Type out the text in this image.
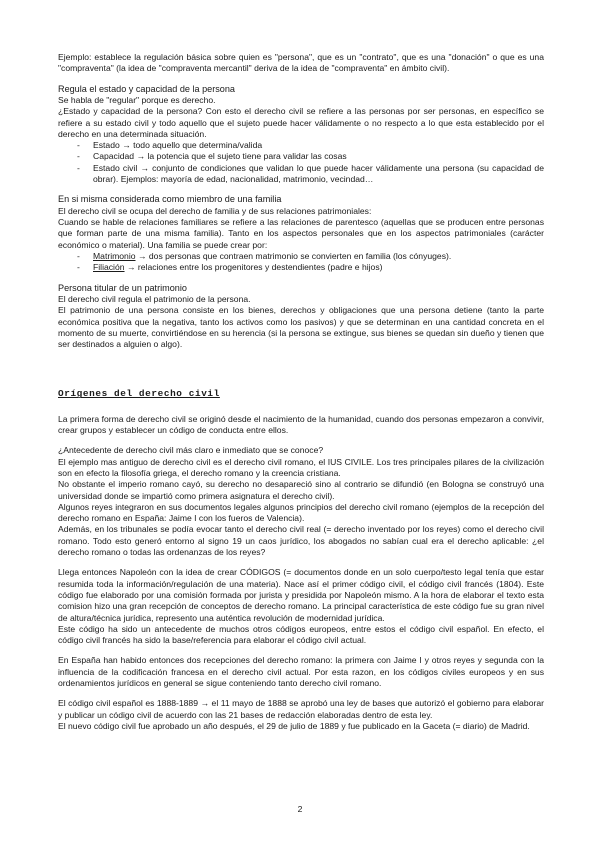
Ejemplo: establece la regulación básica sobre quien es "persona", que es un "contrato", que es una "donación" o que es una "compraventa" (la idea de "compraventa mercantil" deriva de la idea de "compraventa" en ámbito civil).

Regula el estado y capacidad de la persona

Se habla de "regular" porque es derecho.

¿Estado y capacidad de la persona? Con esto el derecho civil se refiere a las personas por ser personas, en específico se refiere a su estado civil y todo aquello que el sujeto puede hacer válidamente o no respecto a lo que esta establecido por el derecho en una determinada situación.

- Estado → todo aquello que determina/valida
- Capacidad → la potencia que el sujeto tiene para validar las cosas
- Estado civil → conjunto de condiciones que validan lo que puede hacer válidamente una persona (su capacidad de obrar). Ejemplos: mayoría de edad, nacionalidad, matrimonio, vecindad…

En si misma considerada como miembro de una familia

El derecho civil se ocupa del derecho de familia y de sus relaciones patrimoniales:

Cuando se hable de relaciones familiares se refiere a las relaciones de parentesco (aquellas que se producen entre personas que forman parte de una misma familia). Tanto en los aspectos personales que en los aspectos patrimoniales (carácter económico o material). Una familia se puede crear por:

- Matrimonio → dos personas que contraen matrimonio se convierten en familia (los cónyuges).
- Filiación → relaciones entre los progenitores y destendientes (padre e hijos)

Persona titular de un patrimonio

El derecho civil regula el patrimonio de la persona.

El patrimonio de una persona consiste en los bienes, derechos y obligaciones que una persona detiene (tanto la parte económica positiva que la negativa, tanto los activos como los pasivos) y que se determinan en una cantidad concreta en el momento de su muerte, convirtiéndose en su herencia (si la persona se extingue, sus bienes se quedan sin dueño y tienen que ser destinados a alguien o algo).

Orígenes del derecho civil

La primera forma de derecho civil se originó desde el nacimiento de la humanidad, cuando dos personas empezaron a convivir, crear grupos y establecer un código de conducta entre ellos.

¿Antecedente de derecho civil más claro e inmediato que se conoce?

El ejemplo mas antiguo de derecho civil es el derecho civil romano, el IUS CIVILE. Los tres principales pilares de la civilización son en efecto la filosofía griega, el derecho romano y la creencia cristiana.

No obstante el imperio romano cayó, su derecho no desapareció sino al contrario se difundió (en Bologna se construyó una universidad donde se impartió como primera asignatura el derecho civil).

Algunos reyes integraron en sus documentos legales algunos principios del derecho civil romano (ejemplos de la recepción del derecho romano en España: Jaime I con los fueros de Valencia).

Además, en los tribunales se podía evocar tanto el derecho civil real (= derecho inventado por los reyes) como el derecho civil romano. Todo esto generó entorno al signo 19 un caos jurídico, los abogados no sabían cual era el derecho aplicable: ¿el derecho romano o todas las ordenanzas de los reyes?

Llega entonces Napoleón con la idea de crear CÓDIGOS (= documentos donde en un solo cuerpo/testo legal tenía que estar resumida toda la información/regulación de una materia). Nace así el primer código civil, el código civil francés (1804). Este código fue elaborado por una comisión formada por jurista y presidida por Napoleón mismo. A la hora de elaborar el texto esta comision hizo una gran recepción de conceptos de derecho romano. La principal característica de este código fue su gran nivel de altura/técnica jurídica, represento una auténtica revolución de modernidad jurídica.

Este código ha sido un antecedente de muchos otros códigos europeos, entre estos el código civil español. En efecto, el código civil francés ha sido la base/referencia para elaborar el código civil actual.

En España han habido entonces dos recepciones del derecho romano: la primera con Jaime I y otros reyes y segunda con la influencia de la codificación francesa en el derecho civil actual. Por esta razon, en los códigos civiles europeos y en sus ordenamientos jurídicos en general se sigue conteniendo tanto derecho civil romano.

El código civil español es 1888-1889 → el 11 mayo de 1888 se aprobó una ley de bases que autorizó el gobierno para elaborar y publicar un código civil de acuerdo con las 21 bases de redacción elaboradas dentro de esta ley.

El nuevo código civil fue aprobado un año después, el 29 de julio de 1889 y fue publicado en la Gaceta (= diario) de Madrid.

2
